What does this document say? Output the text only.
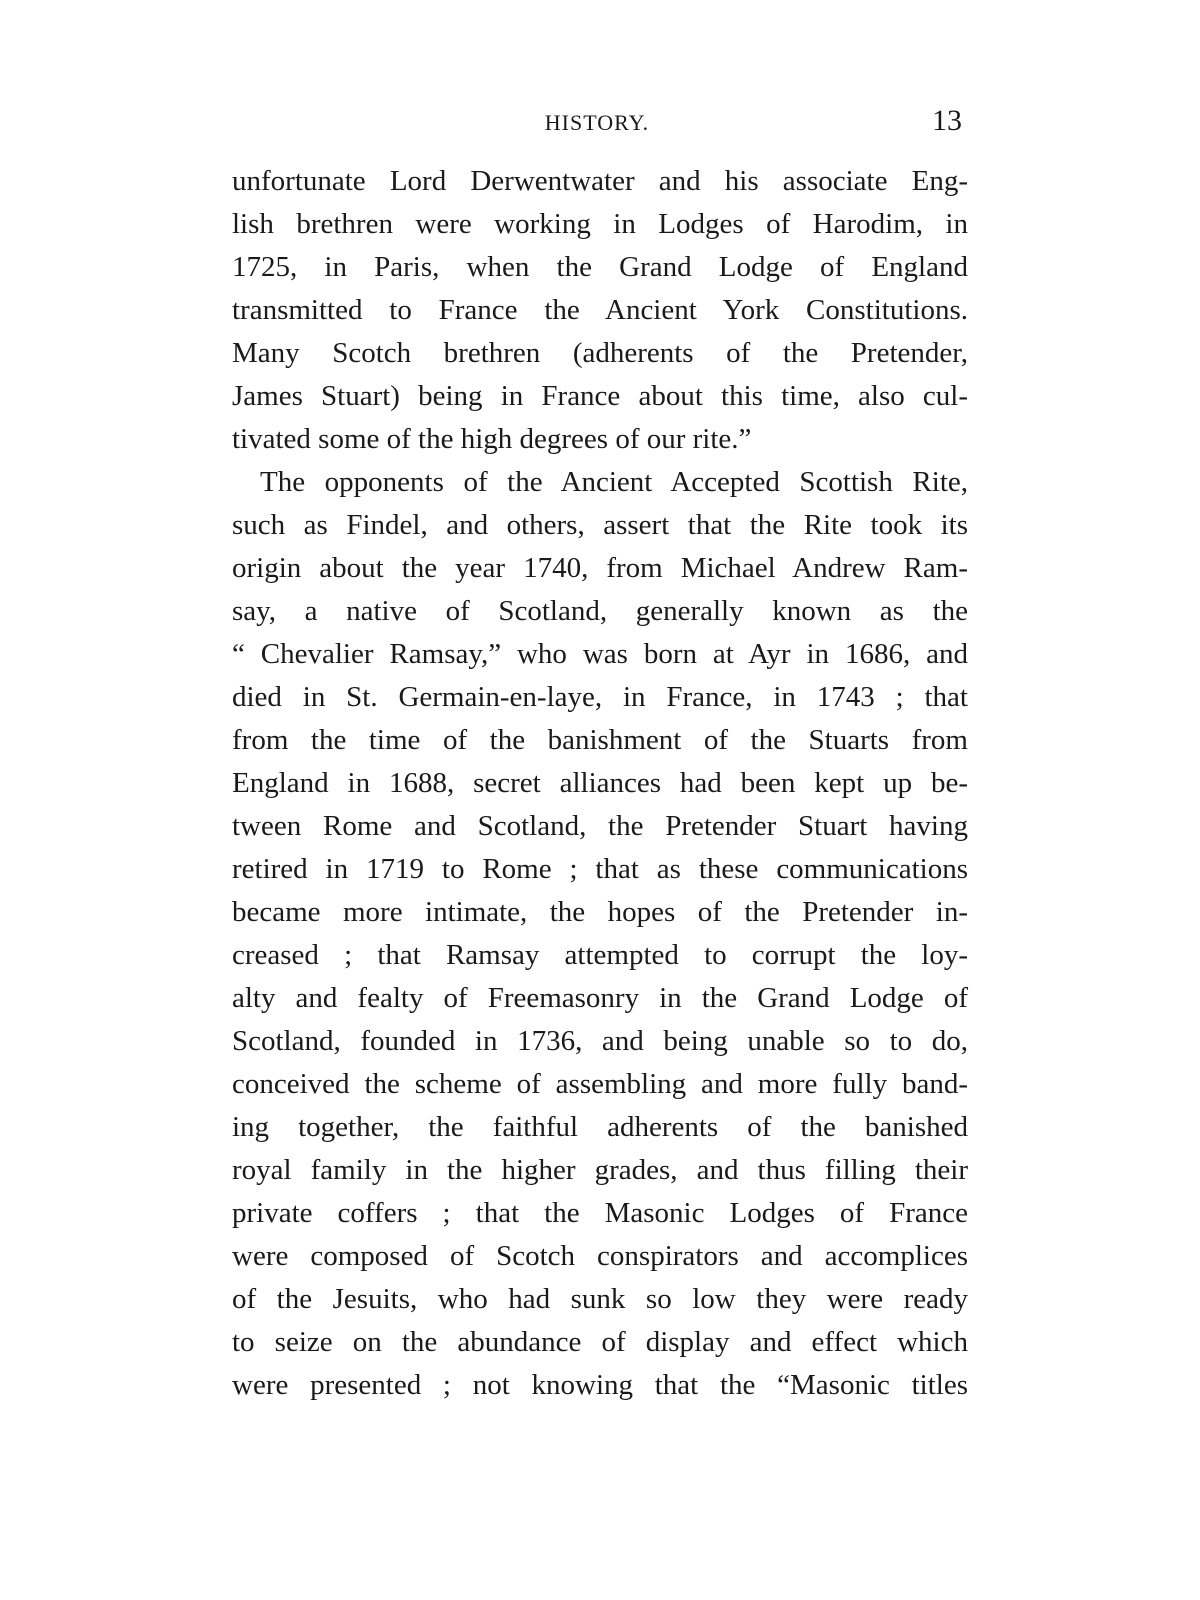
HISTORY.	13
unfortunate Lord Derwentwater and his associate Eng-
lish brethren were working in Lodges of Harodim, in
1725, in Paris, when the Grand Lodge of England
transmitted to France the Ancient York Constitutions.
Many Scotch brethren (adherents of the Pretender,
James Stuart) being in France about this time, also cul-
tivated some of the high degrees of our rite.”
The opponents of the Ancient Accepted Scottish Rite,
such as Findel, and others, assert that the Rite took its
origin about the year 1740, from Michael Andrew Ram-
say, a native of Scotland, generally known as the
“ Chevalier Ramsay,” who was born at Ayr in 1686, and
died in St. Germain-en-laye, in France, in 1743 ; that
from the time of the banishment of the Stuarts from
England in 1688, secret alliances had been kept up be-
tween Rome and Scotland, the Pretender Stuart having
retired in 1719 to Rome ; that as these communications
became more intimate, the hopes of the Pretender in-
creased ; that Ramsay attempted to corrupt the loy-
alty and fealty of Freemasonry in the Grand Lodge of
Scotland, founded in 1736, and being unable so to do,
conceived the scheme of assembling and more fully band-
ing together, the faithful adherents of the banished
royal family in the higher grades, and thus filling their
private coffers ; that the Masonic Lodges of France
were composed of Scotch conspirators and accomplices
of the Jesuits, who had sunk so low they were ready
to seize on the abundance of display and effect which
were presented ; not knowing that the “Masonic titles
